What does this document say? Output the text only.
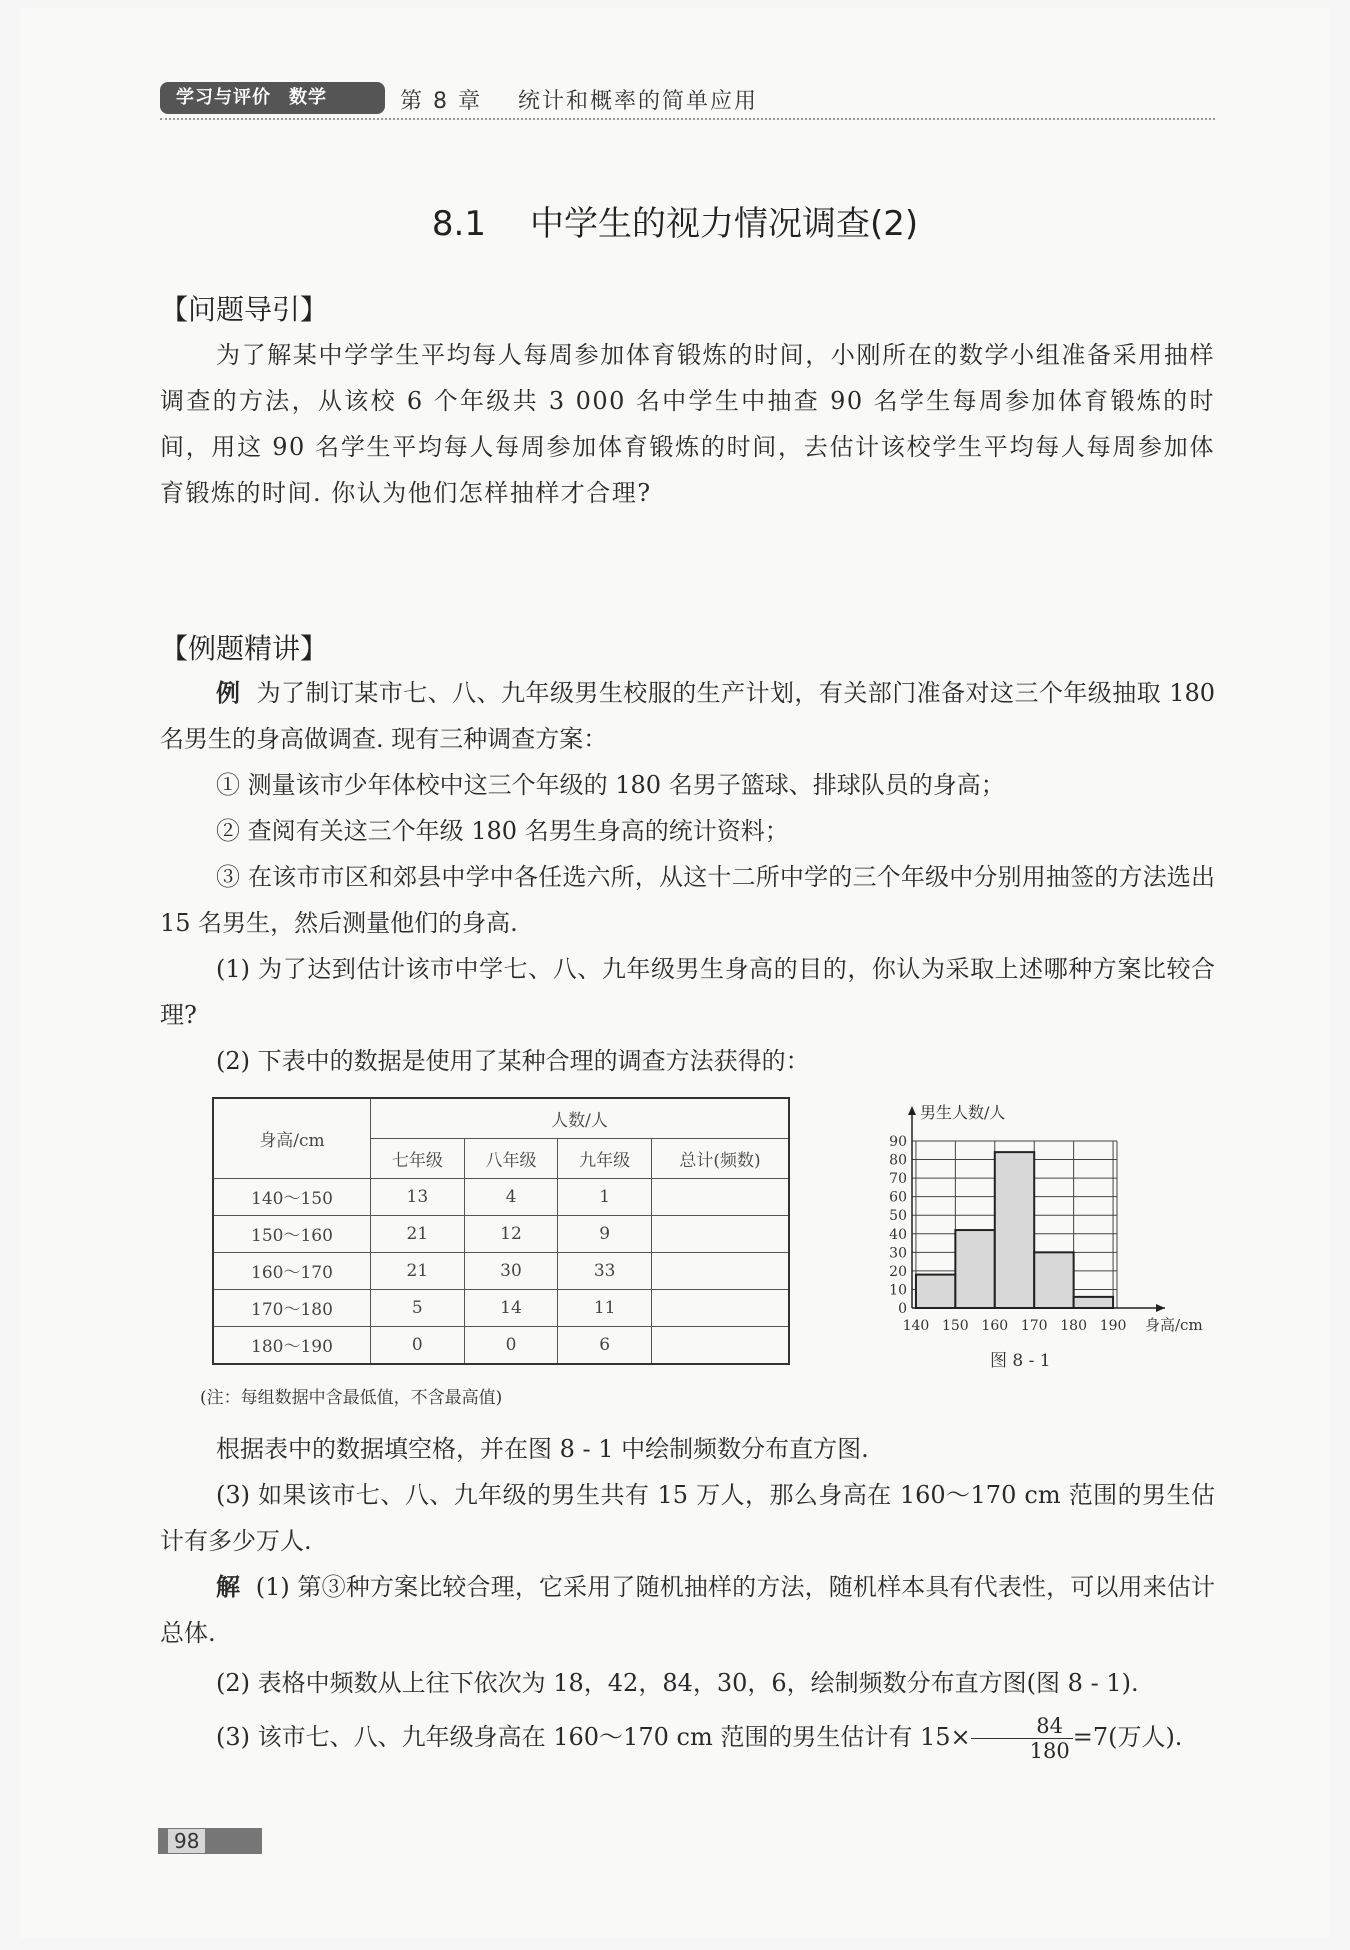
学习与评价 数学	第 8 章    统计和概率的简单应用
8.1 中学生的视力情况调查(2)
【问题导引】
为了解某中学学生平均每人每周参加体育锻炼的时间，小刚所在的数学小组准备采用抽样调查的方法，从该校 6 个年级共 3 000 名中学生中抽查 90 名学生每周参加体育锻炼的时间，用这 90 名学生平均每人每周参加体育锻炼的时间，去估计该校学生平均每人每周参加体育锻炼的时间. 你认为他们怎样抽样才合理?
【例题精讲】
例 为了制订某市七、八、九年级男生校服的生产计划，有关部门准备对这三个年级抽取 180 名男生的身高做调查. 现有三种调查方案：
① 测量该市少年体校中这三个年级的 180 名男子篮球、排球队员的身高；
② 查阅有关这三个年级 180 名男生身高的统计资料；
③ 在该市市区和郊县中学中各任选六所，从这十二所中学的三个年级中分别用抽签的方法选出 15 名男生，然后测量他们的身高.
(1) 为了达到估计该市中学七、八、九年级男生身高的目的，你认为采取上述哪种方案比较合理?
(2) 下表中的数据是使用了某种合理的调查方法获得的：
身高/cm	人数/人			
	七年级	八年级	九年级	总计(频数)
140～150	13	4	1	
150～160	21	12	9	
160～170	21	30	33	
170～180	5	14	11	
180～190	0	0	6	
(注：每组数据中含最低值，不含最高值)
0
10
20
30
40
50
60
70
80
90
140 150 160 170 180 190 身高/cm
男生人数/人
图 8 - 1
根据表中的数据填空格，并在图 8 - 1 中绘制频数分布直方图.
(3) 如果该市七、八、九年级的男生共有 15 万人，那么身高在 160～170 cm 范围的男生估计有多少万人.
解 (1) 第③种方案比较合理，它采用了随机抽样的方法，随机样本具有代表性，可以用来估计总体.
(2) 表格中频数从上往下依次为 18，42，84，30，6，绘制频数分布直方图(图 8 - 1).
(3) 该市七、八、九年级身高在 160～170 cm 范围的男生估计有 $15\times \frac{84}{180} =7$(万人).
98
